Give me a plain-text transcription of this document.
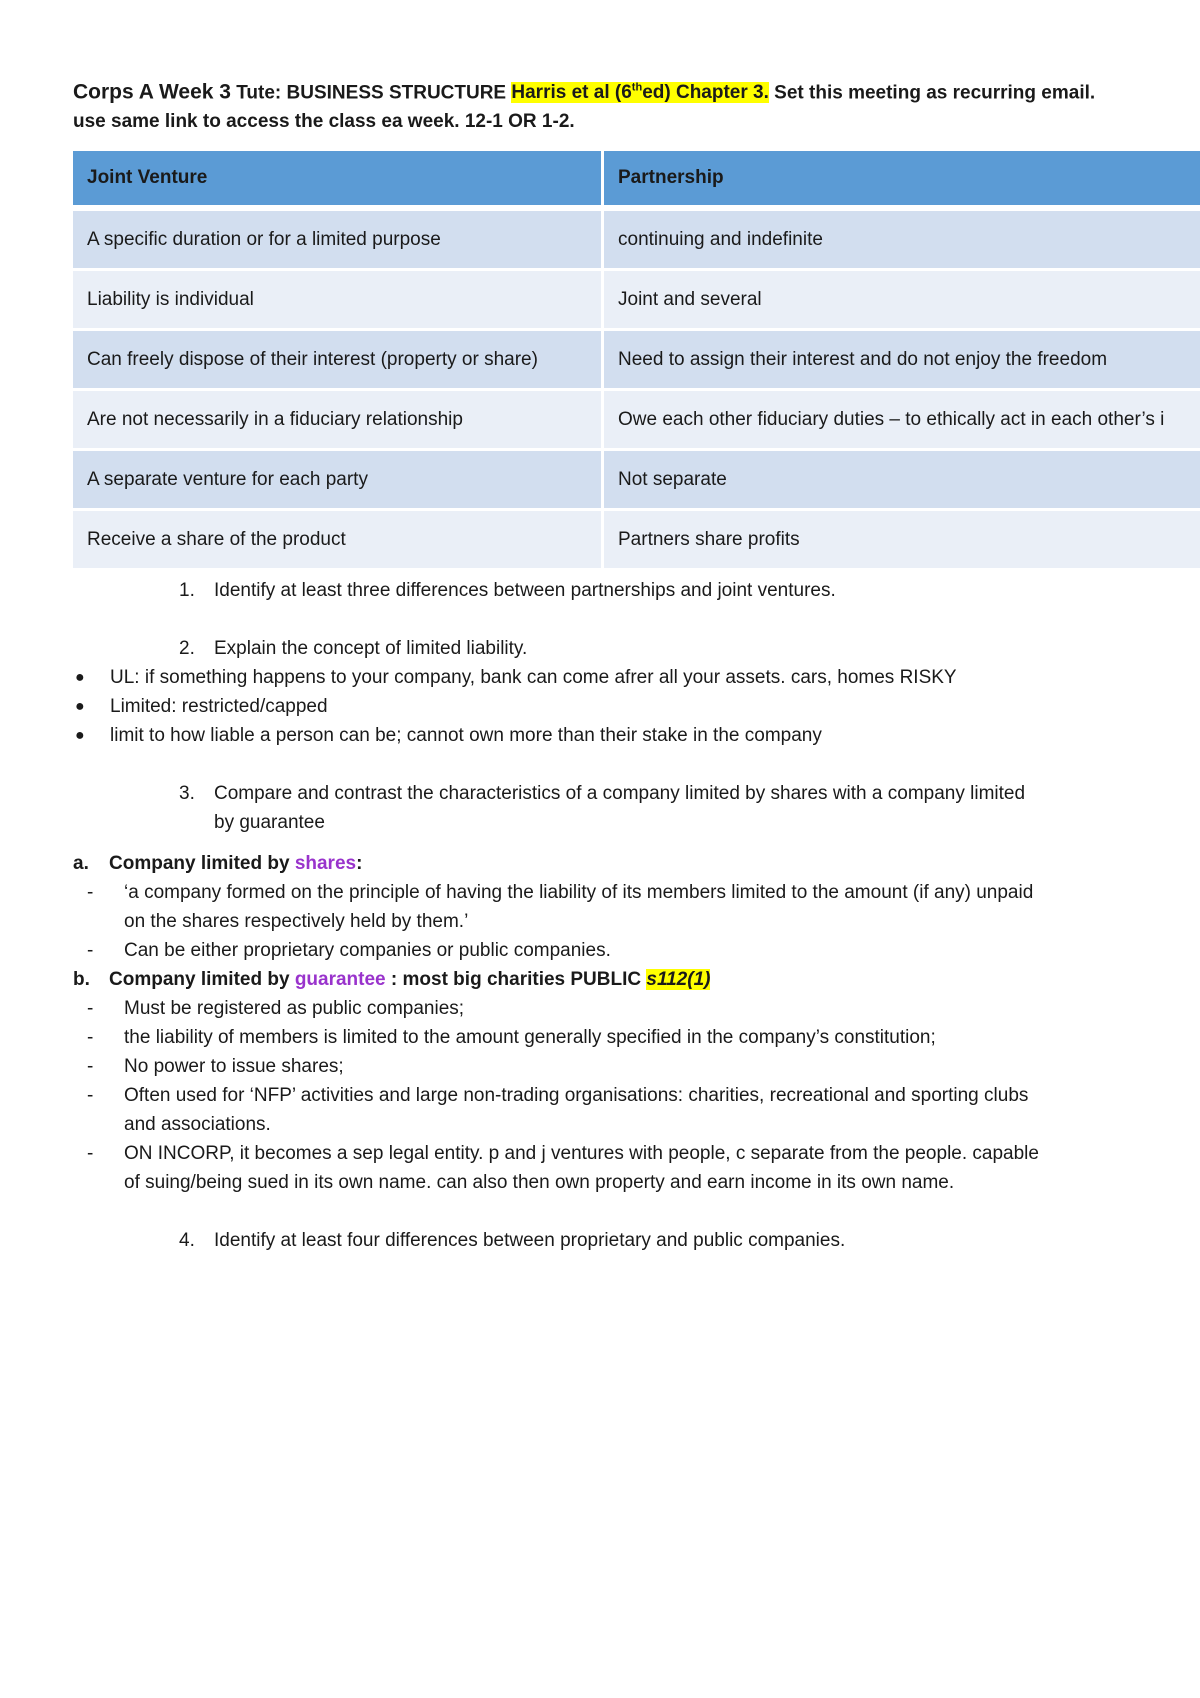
Corps A Week 3 Tute: BUSINESS STRUCTURE Harris et al (6thed) Chapter 3. Set this meeting as recurring email.
use same link to access the class ea week. 12-1 OR 1-2.
Joint Venture	Partnership
A specific duration or for a limited purpose	continuing and indefinite
Liability is individual	Joint and several
Can freely dispose of their interest (property or share)	Need to assign their interest and do not enjoy the freedom
Are not necessarily in a fiduciary relationship	Owe each other fiduciary duties – to ethically act in each other’s i
A separate venture for each party	Not separate
Receive a share of the product	Partners share profits
1.	Identify at least three differences between partnerships and joint ventures.
2.	Explain the concept of limited liability.
●	UL: if something happens to your company, bank can come afrer all your assets. cars, homes RISKY
●	Limited: restricted/capped
●	limit to how liable a person can be; cannot own more than their stake in the company
3.	Compare and contrast the characteristics of a company limited by shares with a company limited by guarantee
a.	Company limited by shares:
-	‘a company formed on the principle of having the liability of its members limited to the amount (if any) unpaid on the shares respectively held by them.’
-	Can be either proprietary companies or public companies.
b.	Company limited by guarantee : most big charities PUBLIC s112(1)
-	Must be registered as public companies;
-	the liability of members is limited to the amount generally specified in the company’s constitution;
-	No power to issue shares;
-	Often used for ‘NFP’ activities and large non-trading organisations: charities, recreational and sporting clubs and associations.
-	ON INCORP, it becomes a sep legal entity. p and j ventures with people, c separate from the people. capable of suing/being sued in its own name. can also then own property and earn income in its own name.
4.	Identify at least four differences between proprietary and public companies.
